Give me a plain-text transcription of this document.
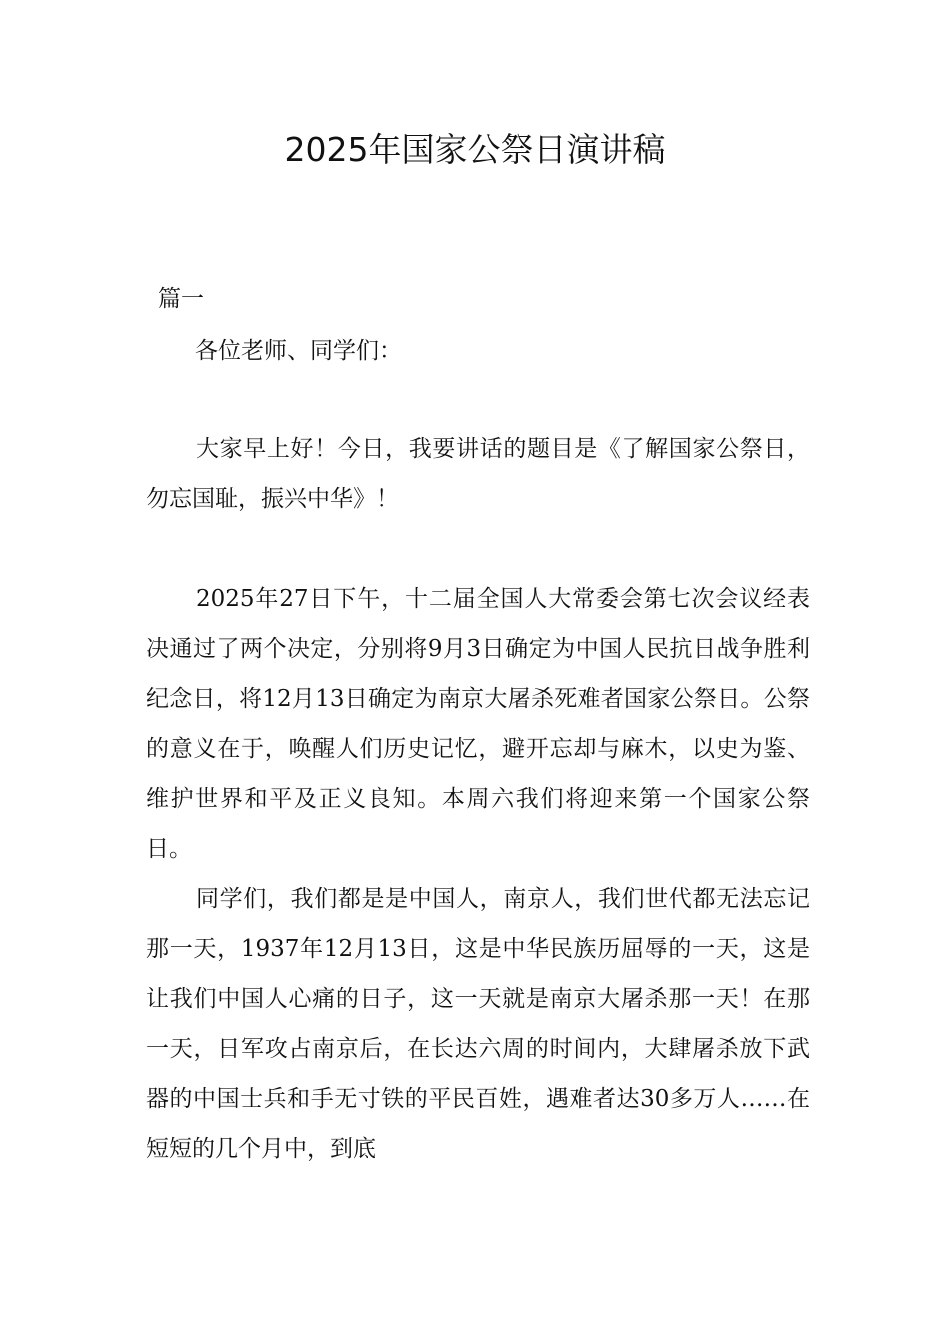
2025年国家公祭日演讲稿
篇一
各位老师、同学们：

大家早上好！今日，我要讲话的题目是《了解国家公祭日，勿忘国耻，振兴中华》！

2025年27日下午，十二届全国人大常委会第七次会议经表决通过了两个决定，分别将9月3日确定为中国人民抗日战争胜利纪念日，将12月13日确定为南京大屠杀死难者国家公祭日。公祭的意义在于，唤醒人们历史记忆，避开忘却与麻木，以史为鉴、维护世界和平及正义良知。本周六我们将迎来第一个国家公祭日。

同学们，我们都是是中国人，南京人，我们世代都无法忘记那一天，1937年12月13日，这是中华民族历屈辱的一天，这是让我们中国人心痛的日子，这一天就是南京大屠杀那一天！在那一天，日军攻占南京后，在长达六周的时间内，大肆屠杀放下武器的中国士兵和手无寸铁的平民百姓，遇难者达30多万人……在短短的几个月中，到底
